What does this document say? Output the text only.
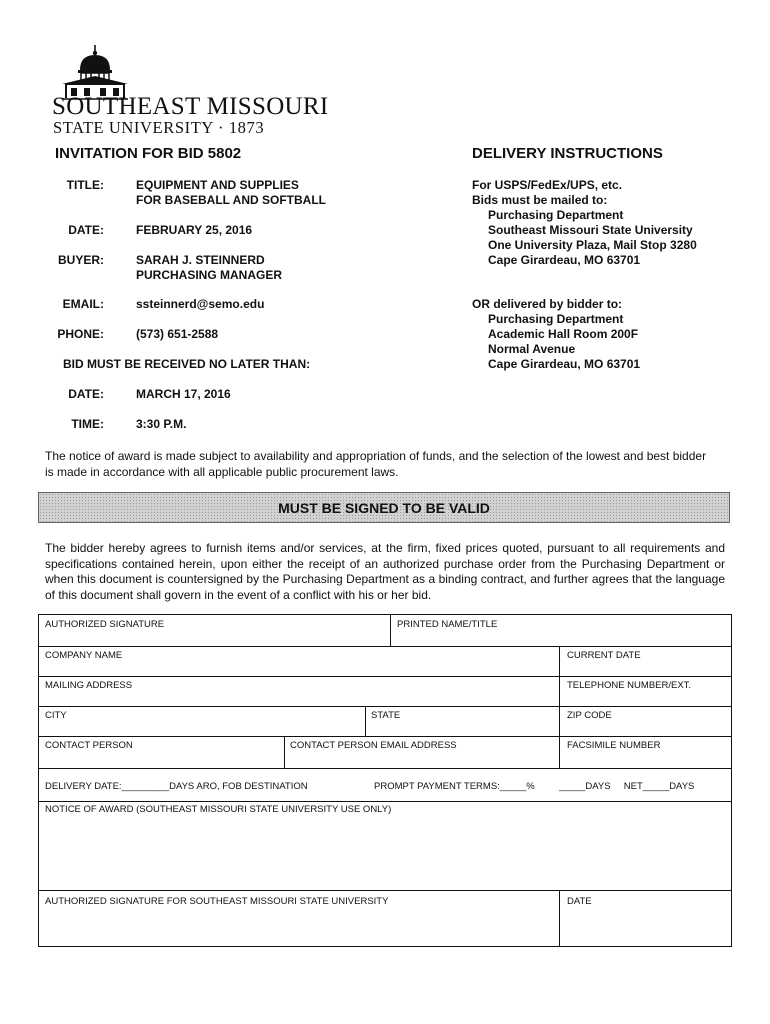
SOUTHEAST MISSOURI
STATE UNIVERSITY · 1873
INVITATION FOR BID 5802	DELIVERY INSTRUCTIONS
TITLE:	EQUIPMENT AND SUPPLIES
FOR BASEBALL AND SOFTBALL
DATE:	FEBRUARY 25, 2016
BUYER:	SARAH J. STEINNERD
PURCHASING MANAGER
EMAIL:	ssteinnerd@semo.edu
PHONE:	(573) 651-2588
BID MUST BE RECEIVED NO LATER THAN:
DATE:	MARCH 17, 2016
TIME:	3:30 P.M.
For USPS/FedEx/UPS, etc.
Bids must be mailed to:
Purchasing Department
Southeast Missouri State University
One University Plaza, Mail Stop 3280
Cape Girardeau, MO 63701
OR delivered by bidder to:
Purchasing Department
Academic Hall Room 200F
Normal Avenue
Cape Girardeau, MO 63701
The notice of award is made subject to availability and appropriation of funds, and the selection of the lowest and best bidder is made in accordance with all applicable public procurement laws.
MUST BE SIGNED TO BE VALID
The bidder hereby agrees to furnish items and/or services, at the firm, fixed prices quoted, pursuant to all requirements and specifications contained herein, upon either the receipt of an authorized purchase order from the Purchasing Department or when this document is countersigned by the Purchasing Department as a binding contract, and further agrees that the language of this document shall govern in the event of a conflict with his or her bid.
AUTHORIZED SIGNATURE	PRINTED NAME/TITLE
COMPANY NAME	CURRENT DATE
MAILING ADDRESS	TELEPHONE NUMBER/EXT.
CITY	STATE	ZIP CODE
CONTACT PERSON	CONTACT PERSON EMAIL ADDRESS	FACSIMILE NUMBER
DELIVERY DATE:_________DAYS ARO, FOB DESTINATION	PROMPT PAYMENT TERMS:_____%	_____DAYS     NET_____DAYS
NOTICE OF AWARD (SOUTHEAST MISSOURI STATE UNIVERSITY USE ONLY)
AUTHORIZED SIGNATURE FOR SOUTHEAST MISSOURI STATE UNIVERSITY	DATE
